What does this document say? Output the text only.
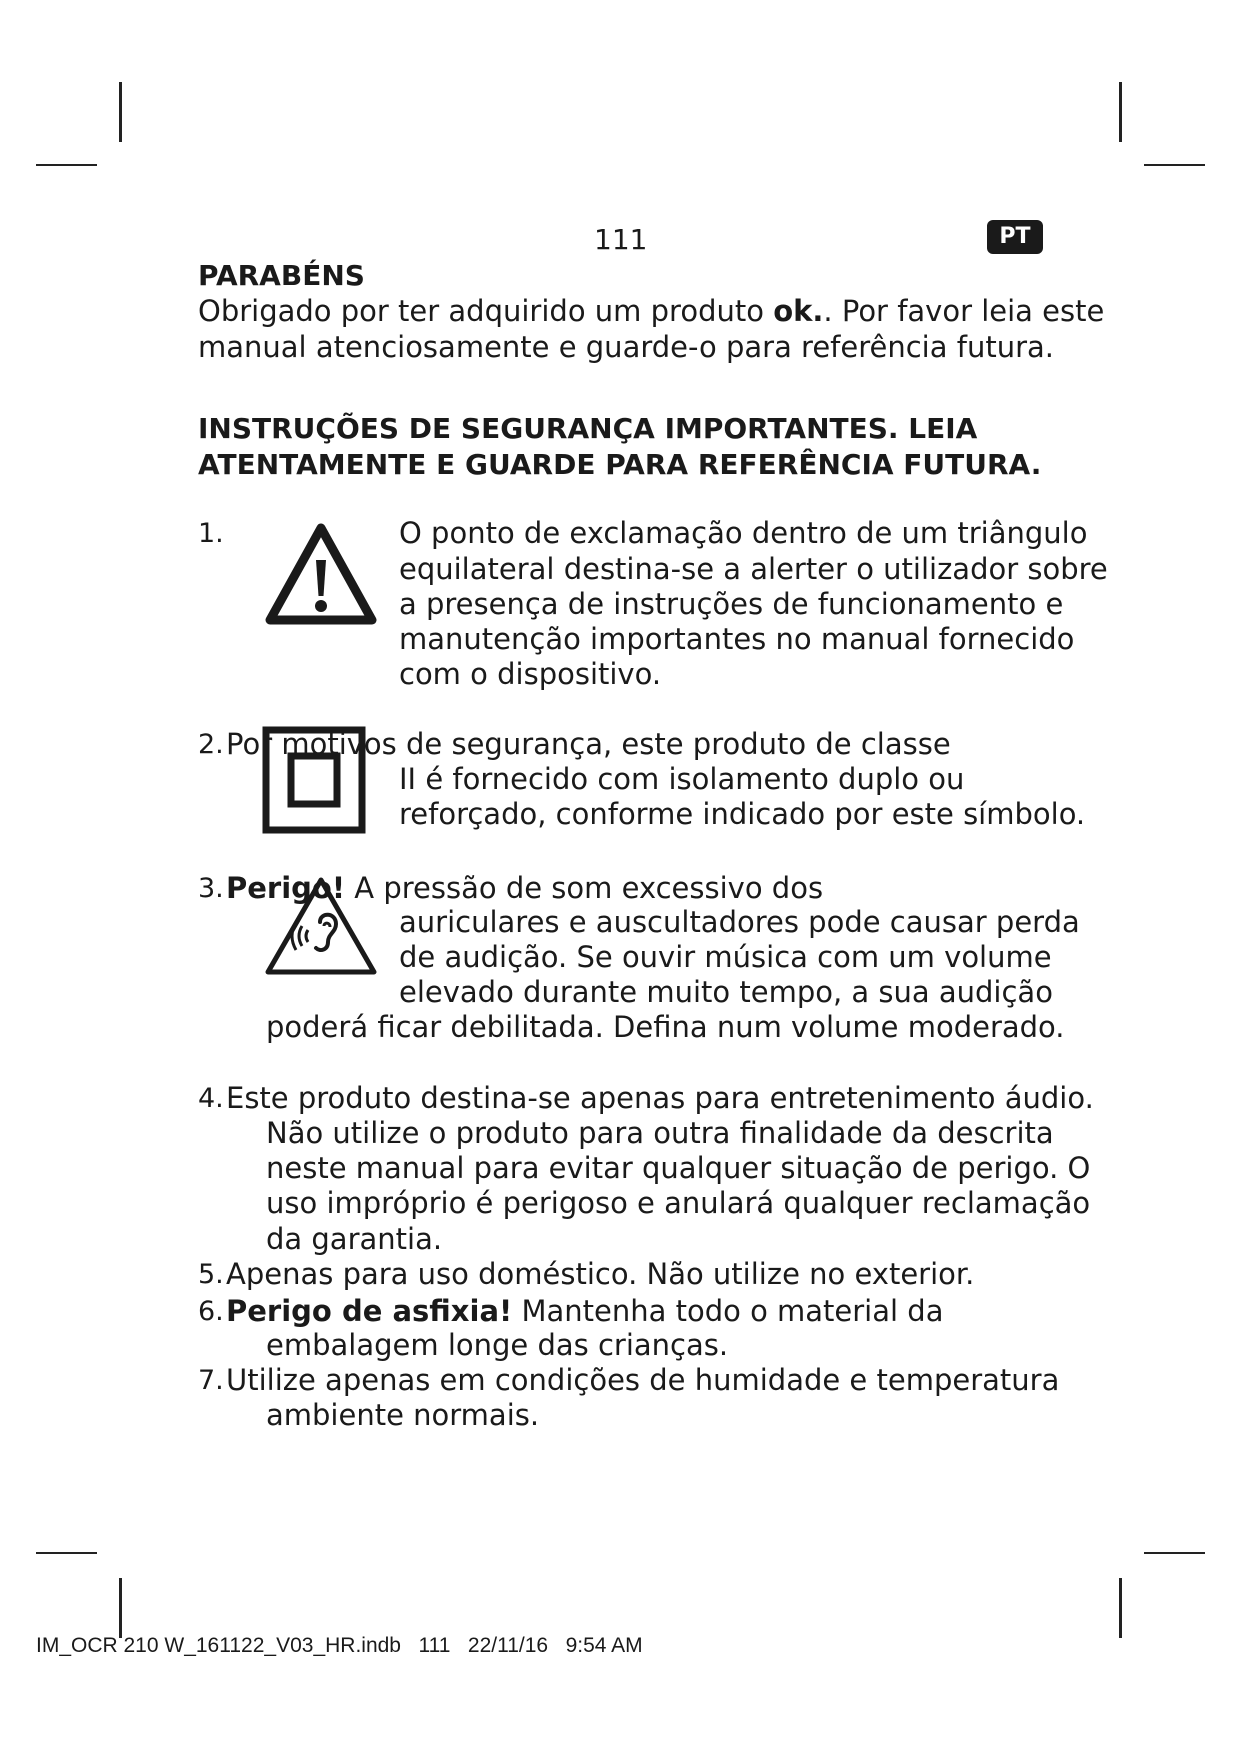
111	PT
PARABÉNS
Obrigado por ter adquirido um produto ok.. Por favor leia este
manual atenciosamente e guarde-o para referência futura.
INSTRUÇÕES DE SEGURANÇA IMPORTANTES. LEIA
ATENTAMENTE E GUARDE PARA REFERÊNCIA FUTURA.
1.	O ponto de exclamação dentro de um triângulo
equilateral destina-se a alerter o utilizador sobre
a presença de instruções de funcionamento e
manutenção importantes no manual fornecido
com o dispositivo.
2. Por motivos de segurança, este produto de classe
II é fornecido com isolamento duplo ou
reforçado, conforme indicado por este símbolo.
3. Perigo! A pressão de som excessivo dos
auriculares e auscultadores pode causar perda
de audição. Se ouvir música com um volume
elevado durante muito tempo, a sua audição
poderá ficar debilitada. Defina num volume moderado.
4. Este produto destina-se apenas para entretenimento áudio.
Não utilize o produto para outra finalidade da descrita
neste manual para evitar qualquer situação de perigo. O
uso impróprio é perigoso e anulará qualquer reclamação
da garantia.
5. Apenas para uso doméstico. Não utilize no exterior.
6. Perigo de asfixia! Mantenha todo o material da
embalagem longe das crianças.
7. Utilize apenas em condições de humidade e temperatura
ambiente normais.
IM_OCR 210 W_161122_V03_HR.indb   111   22/11/16   9:54 AM
